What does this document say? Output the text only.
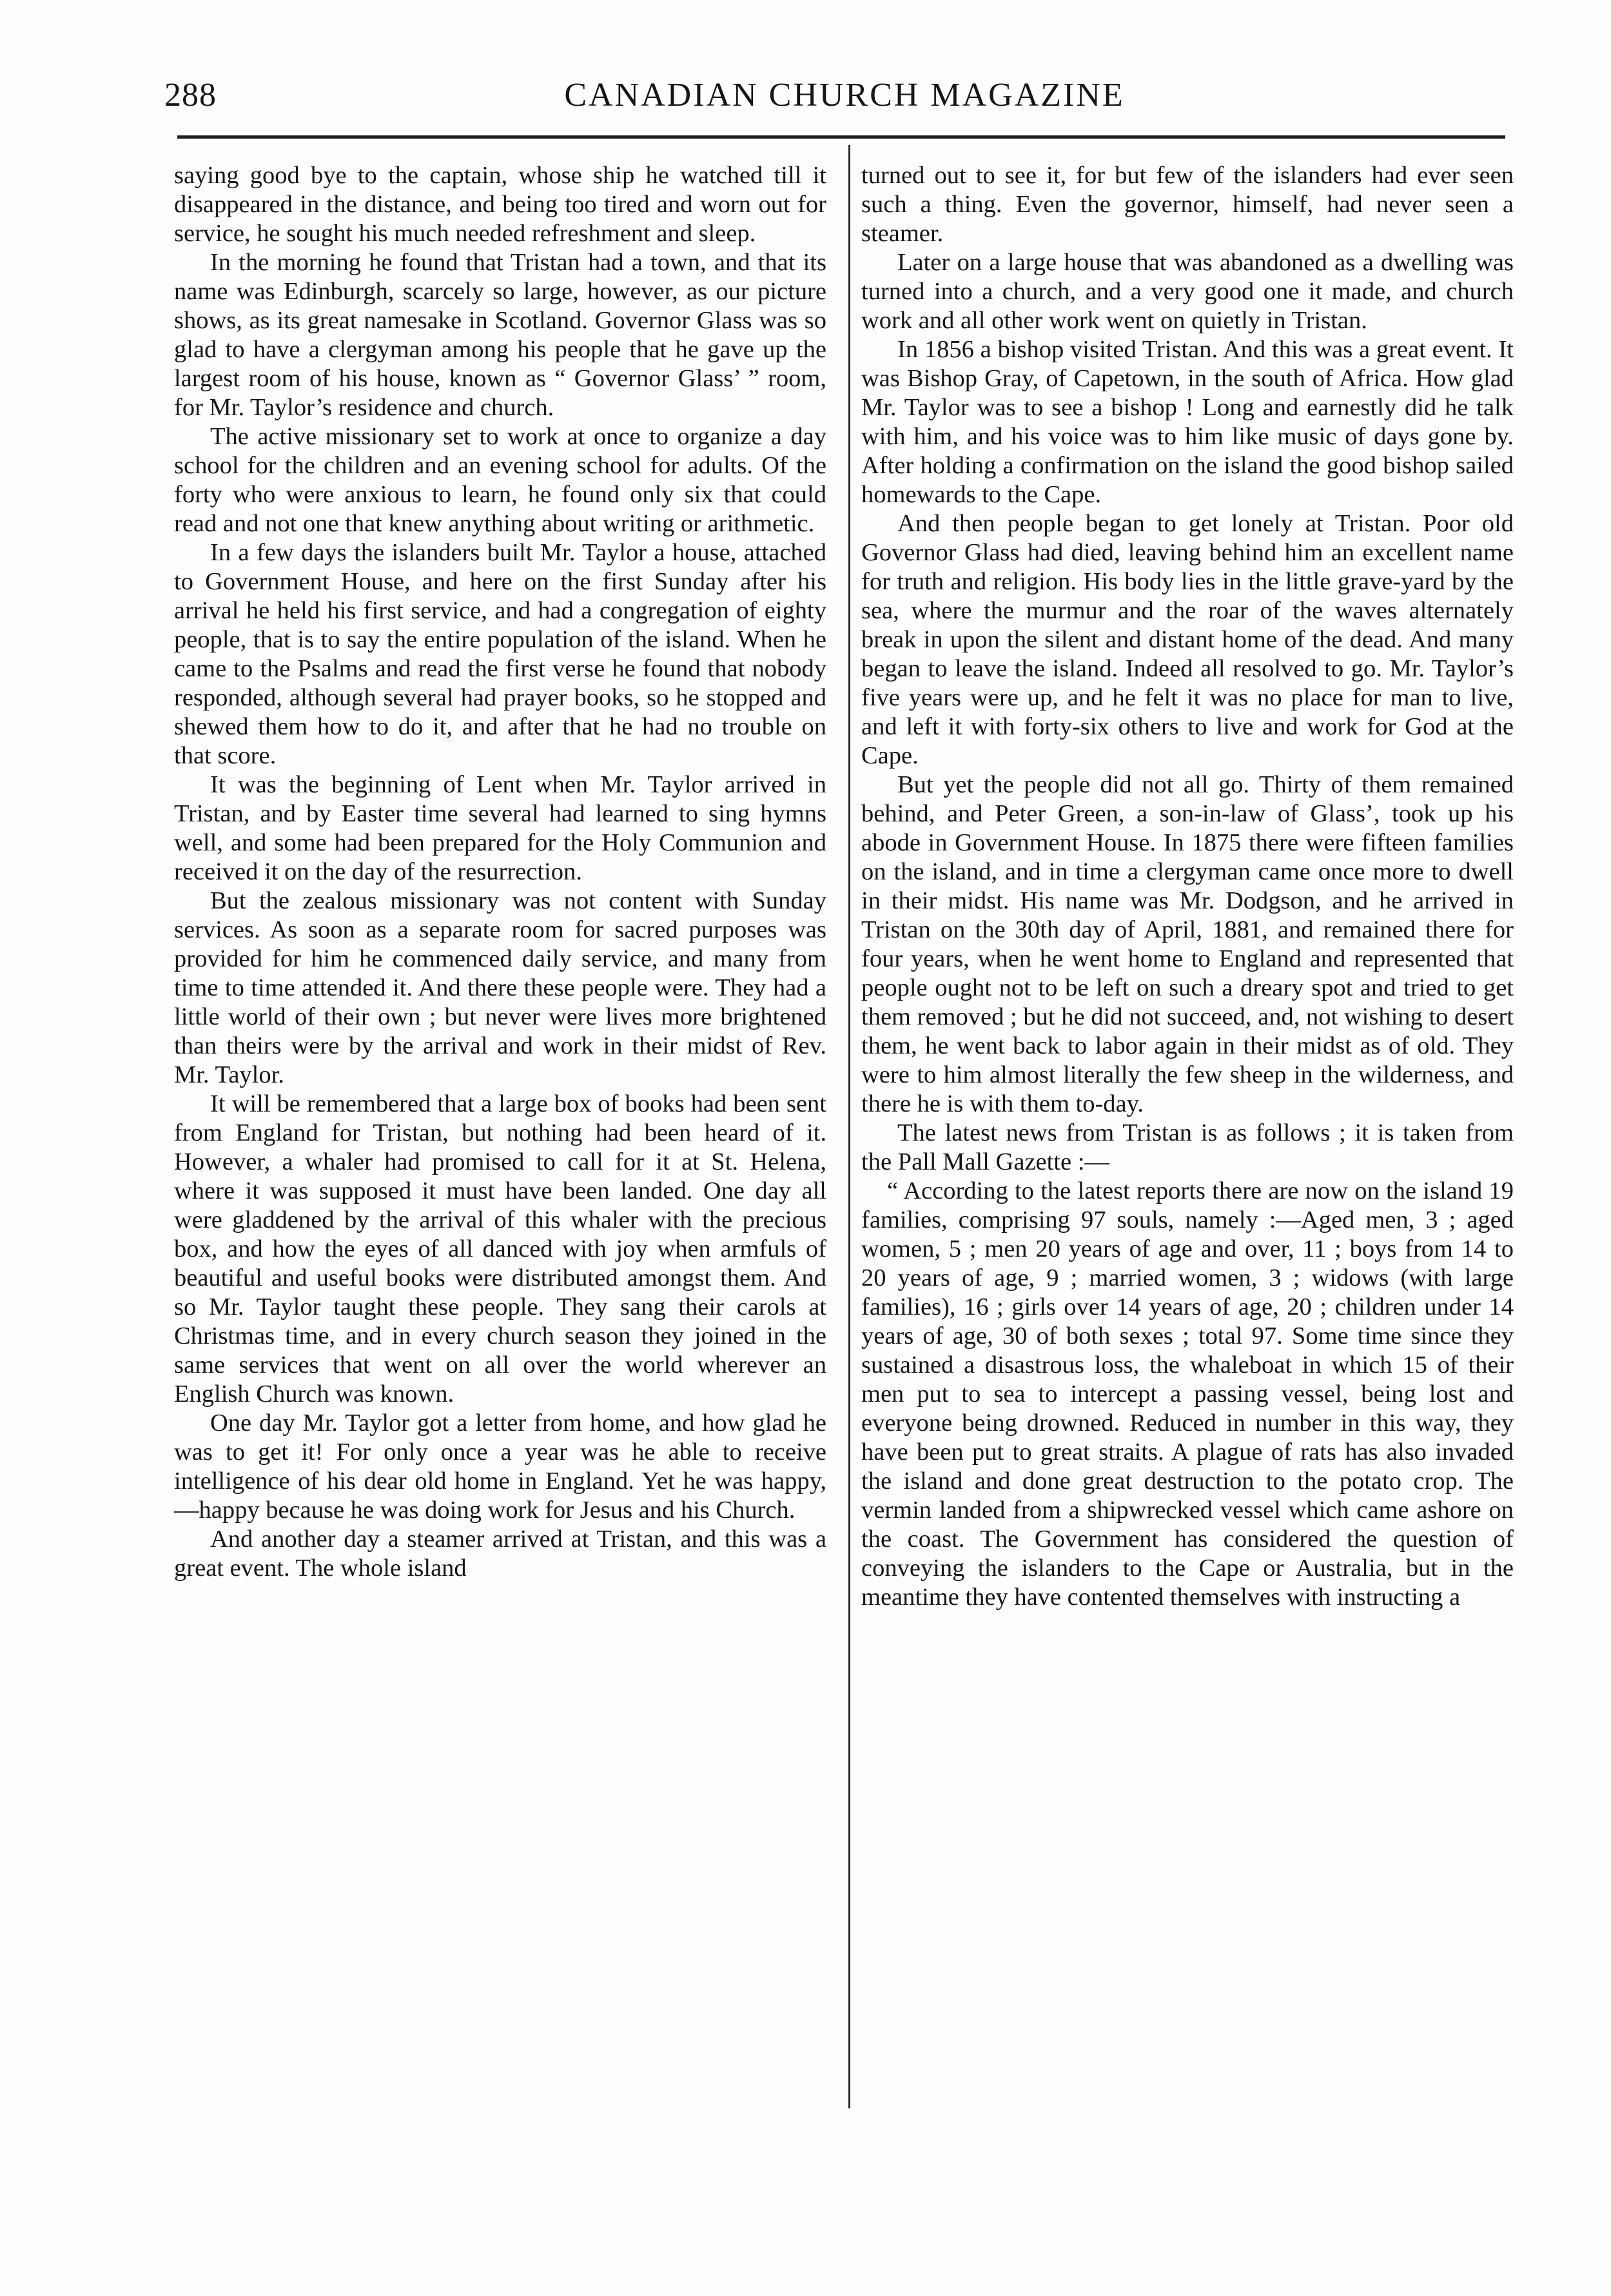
288	CANADIAN CHURCH MAGAZINE

saying good bye to the captain, whose ship he watched till it disappeared in the distance, and being too tired and worn out for service, he sought his much needed refreshment and sleep.

In the morning he found that Tristan had a town, and that its name was Edinburgh, scarcely so large, however, as our picture shows, as its great namesake in Scotland. Governor Glass was so glad to have a clergyman among his people that he gave up the largest room of his house, known as “ Governor Glass’ ” room, for Mr. Taylor’s residence and church.

The active missionary set to work at once to organize a day school for the children and an evening school for adults. Of the forty who were anxious to learn, he found only six that could read and not one that knew anything about writing or arithmetic.

In a few days the islanders built Mr. Taylor a house, attached to Government House, and here on the first Sunday after his arrival he held his first service, and had a congregation of eighty people, that is to say the entire population of the island. When he came to the Psalms and read the first verse he found that nobody responded, although several had prayer books, so he stopped and shewed them how to do it, and after that he had no trouble on that score.

It was the beginning of Lent when Mr. Taylor arrived in Tristan, and by Easter time several had learned to sing hymns well, and some had been prepared for the Holy Communion and received it on the day of the resurrection.

But the zealous missionary was not content with Sunday services. As soon as a separate room for sacred purposes was provided for him he commenced daily service, and many from time to time attended it. And there these people were. They had a little world of their own ; but never were lives more brightened than theirs were by the arrival and work in their midst of Rev. Mr. Taylor.

It will be remembered that a large box of books had been sent from England for Tristan, but nothing had been heard of it. However, a whaler had promised to call for it at St. Helena, where it was supposed it must have been landed. One day all were gladdened by the arrival of this whaler with the precious box, and how the eyes of all danced with joy when armfuls of beautiful and useful books were distributed amongst them. And so Mr. Taylor taught these people. They sang their carols at Christmas time, and in every church season they joined in the same services that went on all over the world wherever an English Church was known.

One day Mr. Taylor got a letter from home, and how glad he was to get it! For only once a year was he able to receive intelligence of his dear old home in England. Yet he was happy,—happy because he was doing work for Jesus and his Church.

And another day a steamer arrived at Tristan, and this was a great event. The whole island

turned out to see it, for but few of the islanders had ever seen such a thing. Even the governor, himself, had never seen a steamer.

Later on a large house that was abandoned as a dwelling was turned into a church, and a very good one it made, and church work and all other work went on quietly in Tristan.

In 1856 a bishop visited Tristan. And this was a great event. It was Bishop Gray, of Capetown, in the south of Africa. How glad Mr. Taylor was to see a bishop ! Long and earnestly did he talk with him, and his voice was to him like music of days gone by. After holding a confirmation on the island the good bishop sailed homewards to the Cape.

And then people began to get lonely at Tristan. Poor old Governor Glass had died, leaving behind him an excellent name for truth and religion. His body lies in the little grave-yard by the sea, where the murmur and the roar of the waves alternately break in upon the silent and distant home of the dead. And many began to leave the island. Indeed all resolved to go. Mr. Taylor’s five years were up, and he felt it was no place for man to live, and left it with forty-six others to live and work for God at the Cape.

But yet the people did not all go. Thirty of them remained behind, and Peter Green, a son-in-law of Glass’, took up his abode in Government House. In 1875 there were fifteen families on the island, and in time a clergyman came once more to dwell in their midst. His name was Mr. Dodgson, and he arrived in Tristan on the 30th day of April, 1881, and remained there for four years, when he went home to England and represented that people ought not to be left on such a dreary spot and tried to get them removed ; but he did not succeed, and, not wishing to desert them, he went back to labor again in their midst as of old. They were to him almost literally the few sheep in the wilderness, and there he is with them to-day.

The latest news from Tristan is as follows ; it is taken from the Pall Mall Gazette :—

“ According to the latest reports there are now on the island 19 families, comprising 97 souls, namely :—Aged men, 3 ; aged women, 5 ; men 20 years of age and over, 11 ; boys from 14 to 20 years of age, 9 ; married women, 3 ; widows (with large families), 16 ; girls over 14 years of age, 20 ; children under 14 years of age, 30 of both sexes ; total 97. Some time since they sustained a disastrous loss, the whaleboat in which 15 of their men put to sea to intercept a passing vessel, being lost and everyone being drowned. Reduced in number in this way, they have been put to great straits. A plague of rats has also invaded the island and done great destruction to the potato crop. The vermin landed from a shipwrecked vessel which came ashore on the coast. The Government has considered the question of conveying the islanders to the Cape or Australia, but in the meantime they have contented themselves with instructing a
